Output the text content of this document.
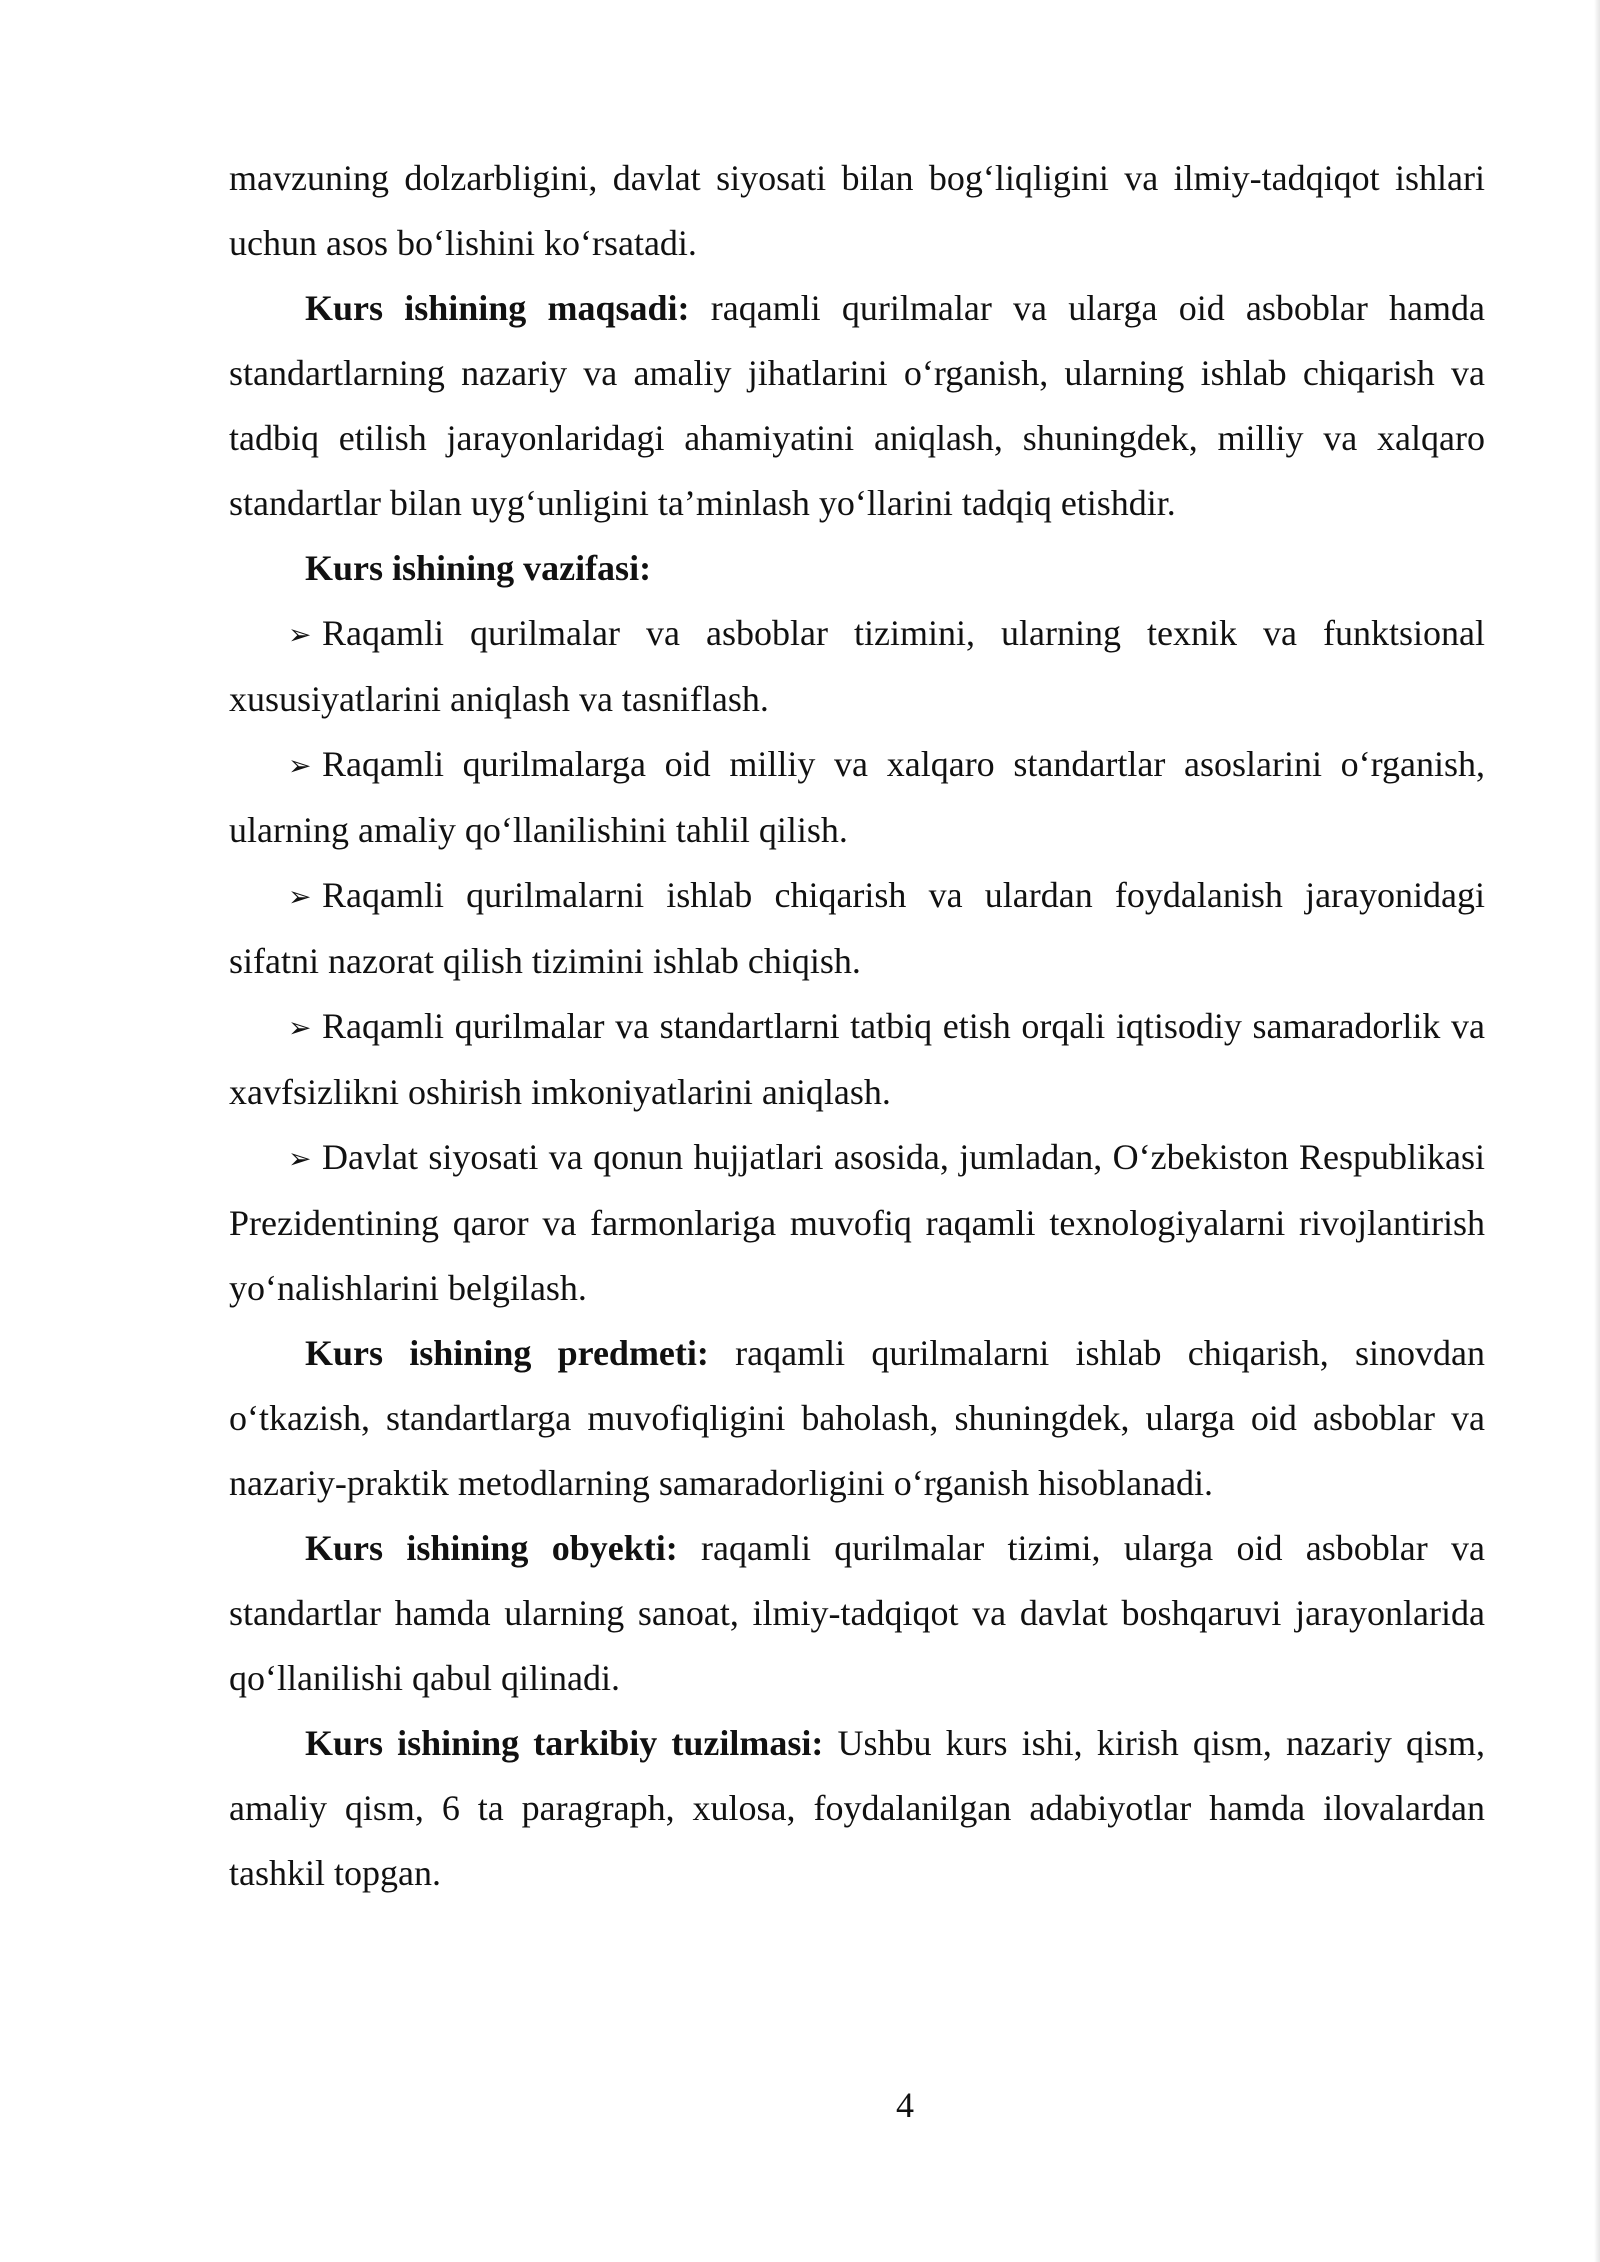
mavzuning dolzarbligini, davlat siyosati bilan bog‘liqligini va ilmiy-tadqiqot ishlari uchun asos bo‘lishini ko‘rsatadi.

Kurs ishining maqsadi: raqamli qurilmalar va ularga oid asboblar hamda standartlarning nazariy va amaliy jihatlarini o‘rganish, ularning ishlab chiqarish va tadbiq etilish jarayonlaridagi ahamiyatini aniqlash, shuningdek, milliy va xalqaro standartlar bilan uyg‘unligini ta’minlash yo‘llarini tadqiq etishdir.

Kurs ishining vazifasi:

➢ Raqamli qurilmalar va asboblar tizimini, ularning texnik va funktsional xususiyatlarini aniqlash va tasniflash.

➢ Raqamli qurilmalarga oid milliy va xalqaro standartlar asoslarini o‘rganish, ularning amaliy qo‘llanilishini tahlil qilish.

➢ Raqamli qurilmalarni ishlab chiqarish va ulardan foydalanish jarayonidagi sifatni nazorat qilish tizimini ishlab chiqish.

➢ Raqamli qurilmalar va standartlarni tatbiq etish orqali iqtisodiy samaradorlik va xavfsizlikni oshirish imkoniyatlarini aniqlash.

➢ Davlat siyosati va qonun hujjatlari asosida, jumladan, O‘zbekiston Respublikasi Prezidentining qaror va farmonlariga muvofiq raqamli texnologiyalarni rivojlantirish yo‘nalishlarini belgilash.

Kurs ishining predmeti: raqamli qurilmalarni ishlab chiqarish, sinovdan o‘tkazish, standartlarga muvofiqligini baholash, shuningdek, ularga oid asboblar va nazariy-praktik metodlarning samaradorligini o‘rganish hisoblanadi.

Kurs ishining obyekti: raqamli qurilmalar tizimi, ularga oid asboblar va standartlar hamda ularning sanoat, ilmiy-tadqiqot va davlat boshqaruvi jarayonlarida qo‘llanilishi qabul qilinadi.

Kurs ishining tarkibiy tuzilmasi: Ushbu kurs ishi, kirish qism, nazariy qism, amaliy qism, 6 ta paragraph, xulosa, foydalanilgan adabiyotlar hamda ilovalardan tashkil topgan.

4
